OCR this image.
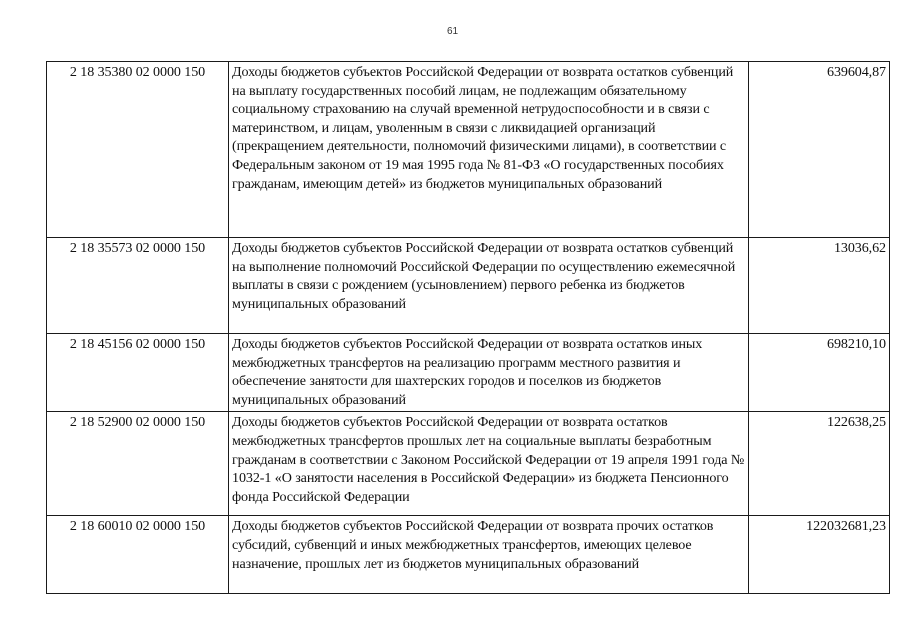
61
2 18 35380 02 0000 150	Доходы бюджетов субъектов Российской Федерации от возврата остатков субвенций на выплату государственных пособий лицам, не подлежащим обязательному социальному страхованию на случай временной нетрудоспособности и в связи с материнством, и лицам, уволенным в связи с ликвидацией организаций (прекращением деятельности, полномочий физическими лицами), в соответствии с Федеральным законом от 19 мая 1995 года № 81-ФЗ «О государственных пособиях гражданам, имеющим детей» из бюджетов муниципальных образований	639604,87
2 18 35573 02 0000 150	Доходы бюджетов субъектов Российской Федерации от возврата остатков субвенций на выполнение полномочий Российской Федерации по осуществлению ежемесячной выплаты в связи с рождением (усыновлением) первого ребенка из бюджетов муниципальных образований	13036,62
2 18 45156 02 0000 150	Доходы бюджетов субъектов Российской Федерации от возврата остатков иных межбюджетных трансфертов на реализацию программ местного развития и обеспечение занятости для шахтерских городов и поселков из бюджетов муниципальных образований	698210,10
2 18 52900 02 0000 150	Доходы бюджетов субъектов Российской Федерации от возврата остатков межбюджетных трансфертов прошлых лет на социальные выплаты безработным гражданам в соответствии с Законом Российской Федерации от 19 апреля 1991 года № 1032-1 «О занятости населения в Российской Федерации» из бюджета Пенсионного фонда Российской Федерации	122638,25
2 18 60010 02 0000 150	Доходы бюджетов субъектов Российской Федерации от возврата прочих остатков субсидий, субвенций и иных межбюджетных трансфертов, имеющих целевое назначение, прошлых лет из бюджетов муниципальных образований	122032681,23
